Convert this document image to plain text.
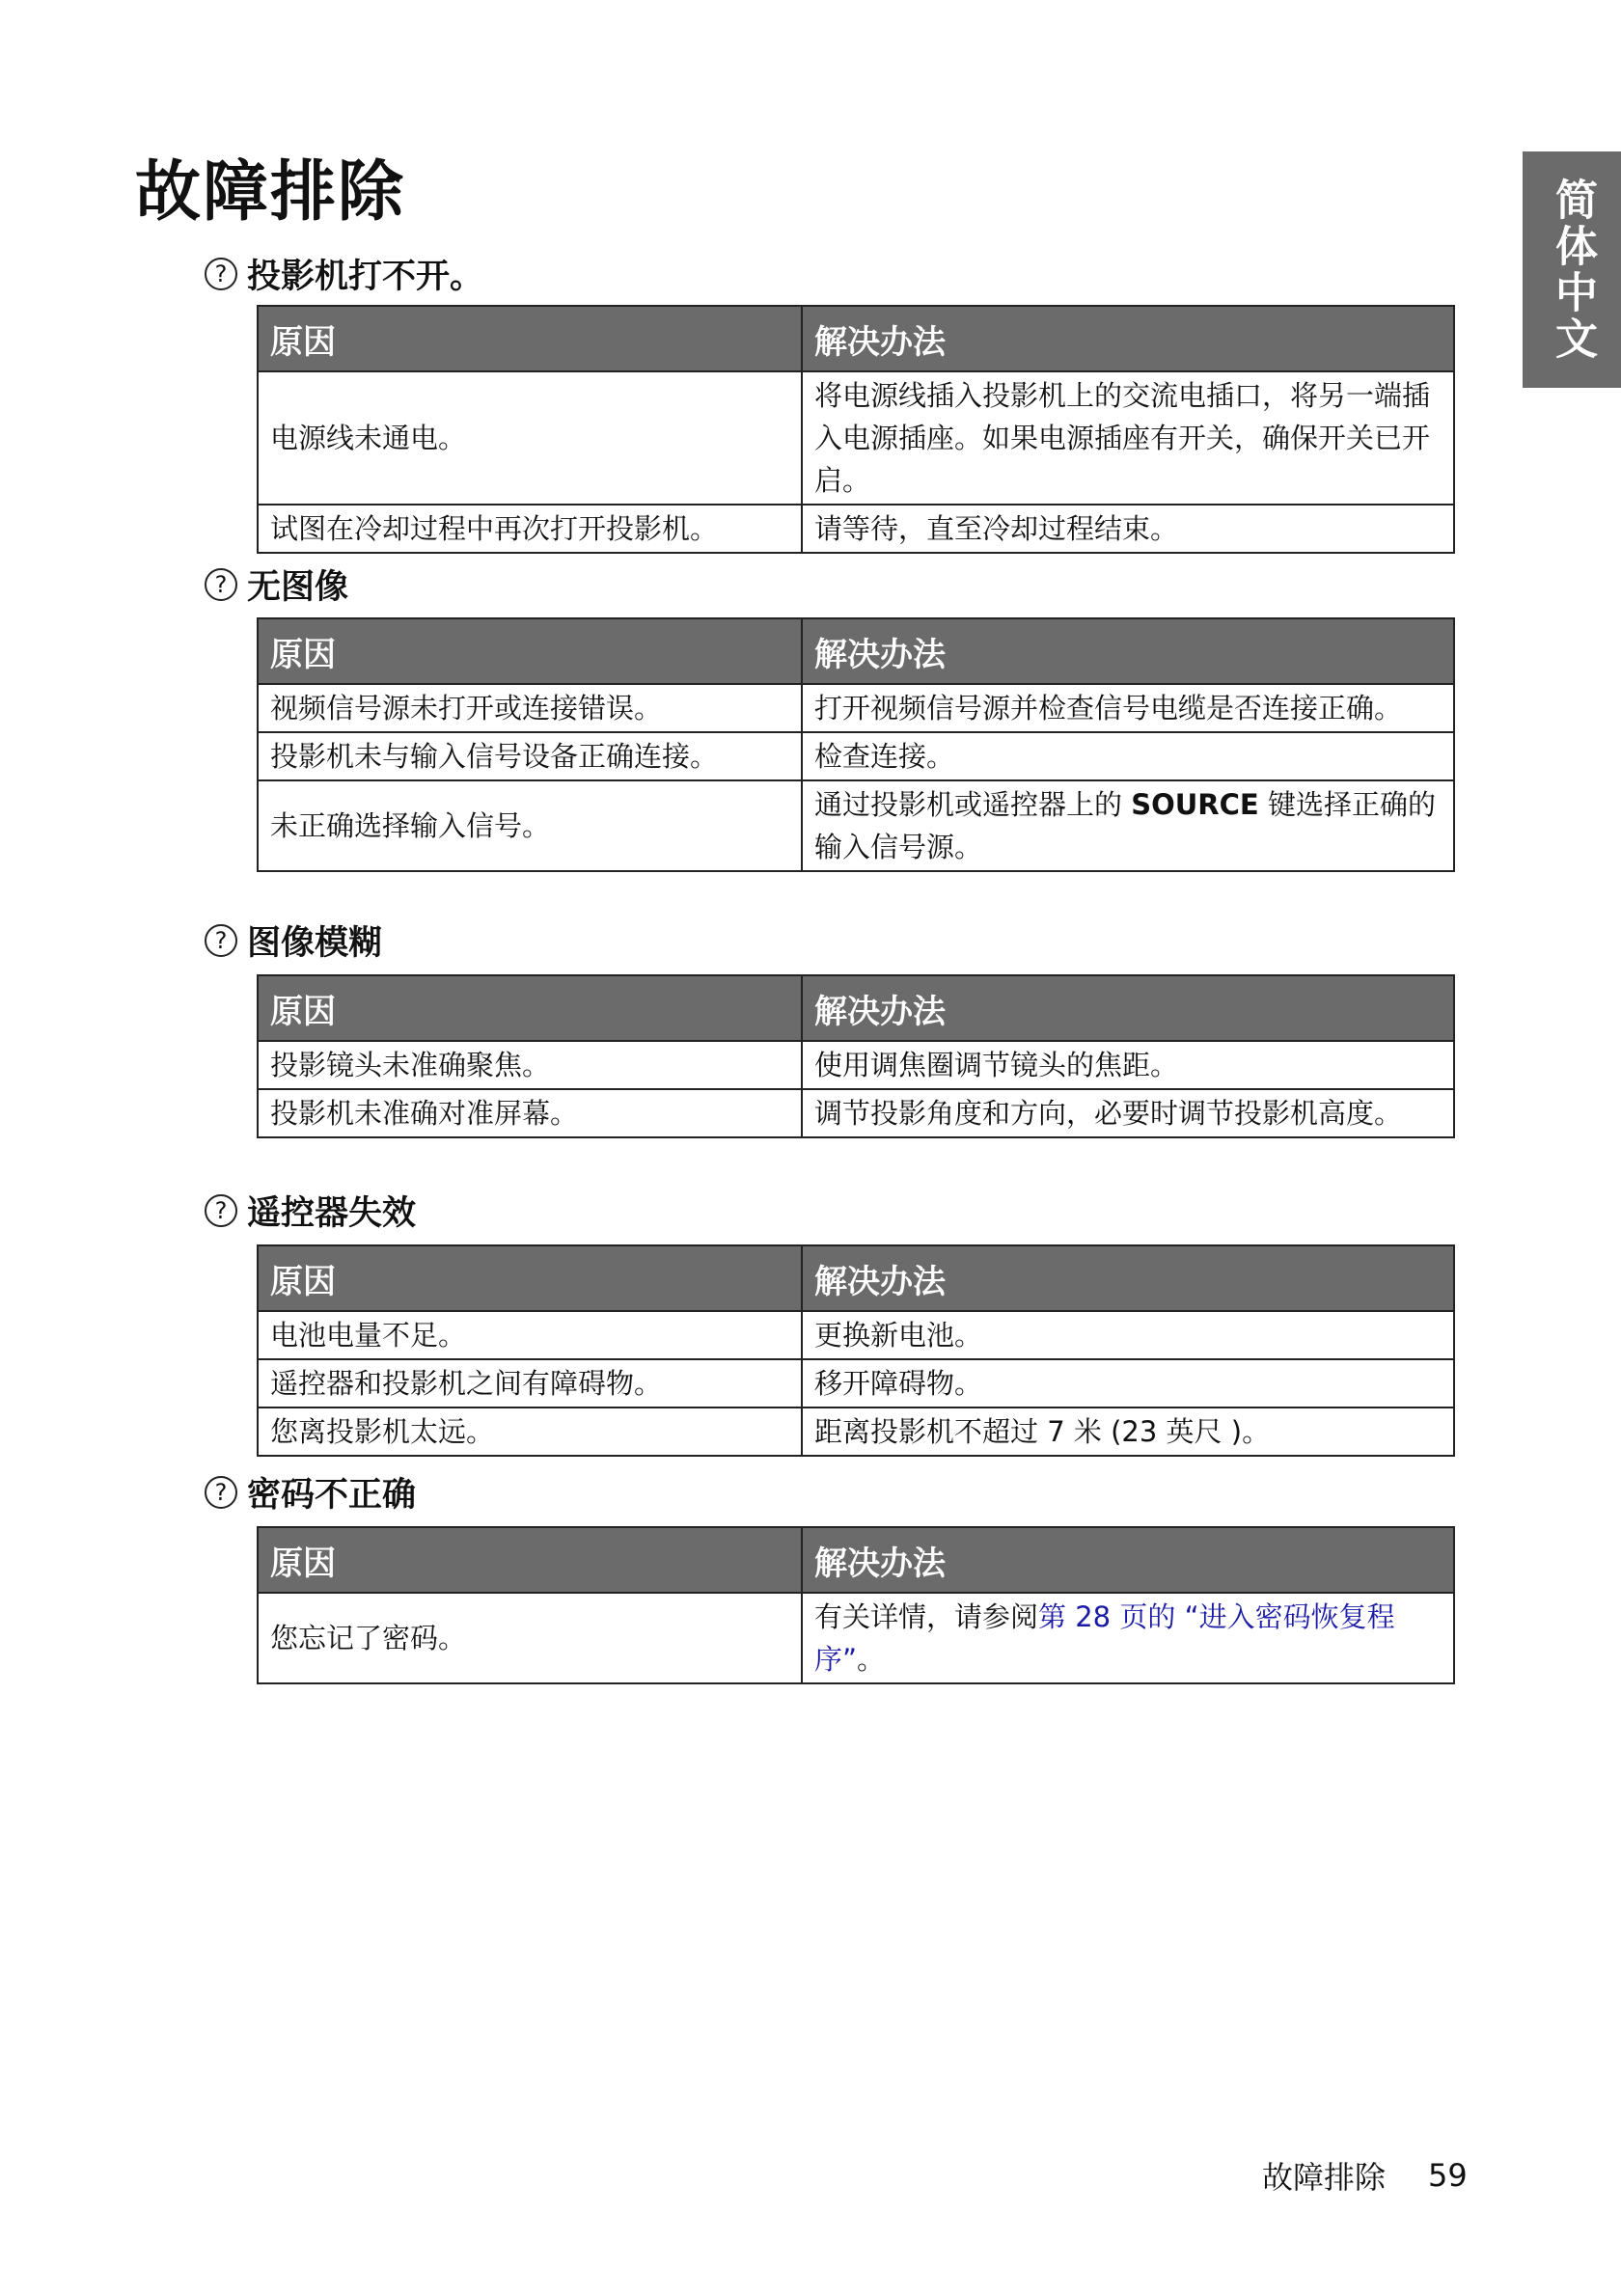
故障排除	简体中文
? 投影机打不开。
原因	解决办法
电源线未通电。	将电源线插入投影机上的交流电插口，将另一端插入电源插座。如果电源插座有开关，确保开关已开启。
试图在冷却过程中再次打开投影机。	请等待，直至冷却过程结束。
? 无图像
原因	解决办法
视频信号源未打开或连接错误。	打开视频信号源并检查信号电缆是否连接正确。
投影机未与输入信号设备正确连接。	检查连接。
未正确选择输入信号。	通过投影机或遥控器上的 SOURCE 键选择正确的输入信号源。
? 图像模糊
原因	解决办法
投影镜头未准确聚焦。	使用调焦圈调节镜头的焦距。
投影机未准确对准屏幕。	调节投影角度和方向，必要时调节投影机高度。
? 遥控器失效
原因	解决办法
电池电量不足。	更换新电池。
遥控器和投影机之间有障碍物。	移开障碍物。
您离投影机太远。	距离投影机不超过 7 米 (23 英尺 )。
? 密码不正确
原因	解决办法
您忘记了密码。	有关详情，请参阅第 28 页的 “进入密码恢复程序”。
故障排除 59
